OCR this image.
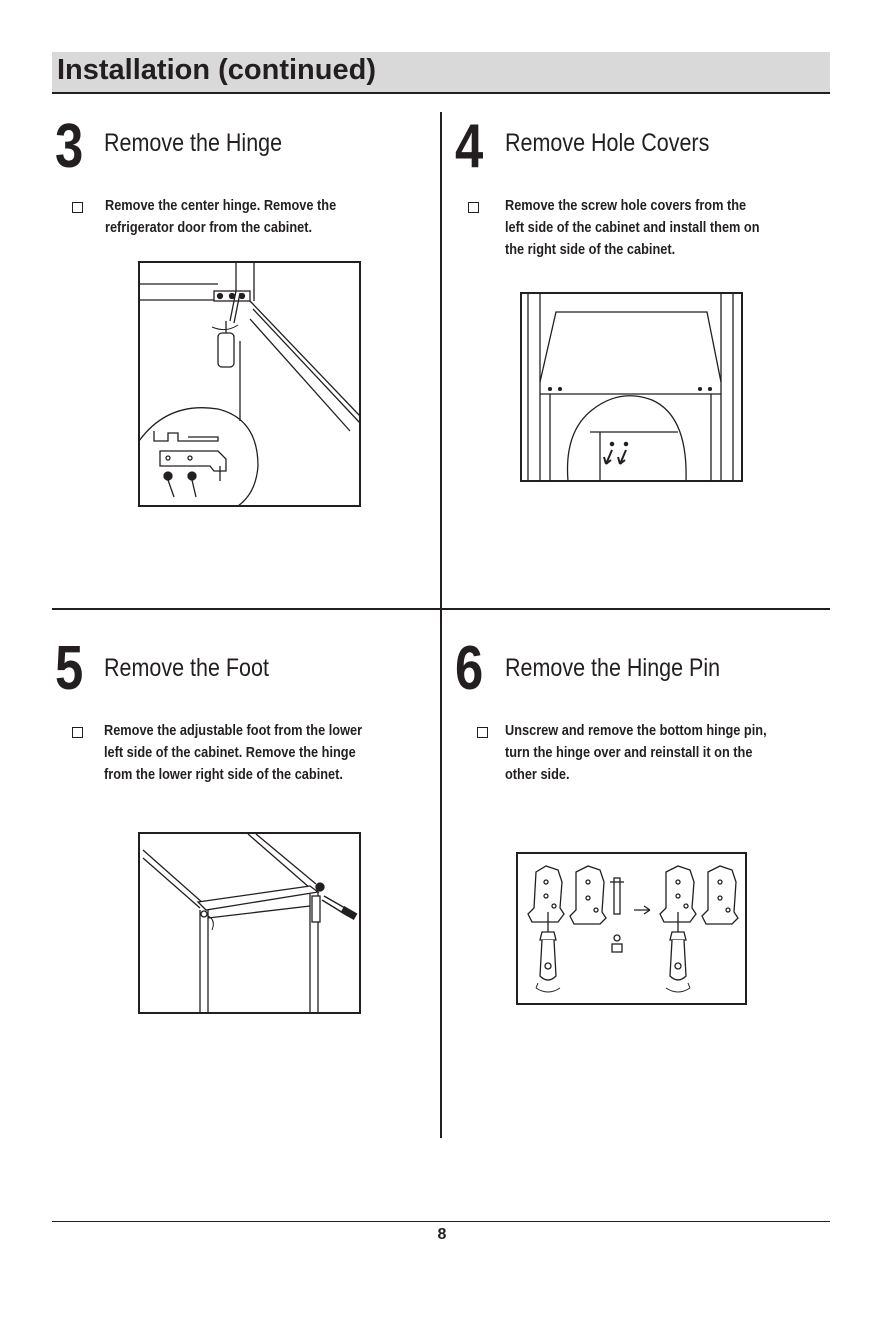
Installation (continued)
3 Remove the Hinge
Remove the center hinge. Remove the
refrigerator door from the cabinet.
4 Remove Hole Covers
Remove the screw hole covers from the
left side of the cabinet and install them on
the right side of the cabinet.
5 Remove the Foot
Remove the adjustable foot from the lower
left side of the cabinet. Remove the hinge
from the lower right side of the cabinet.
6 Remove the Hinge Pin
Unscrew and remove the bottom hinge pin,
turn the hinge over and reinstall it on the
other side.
8
